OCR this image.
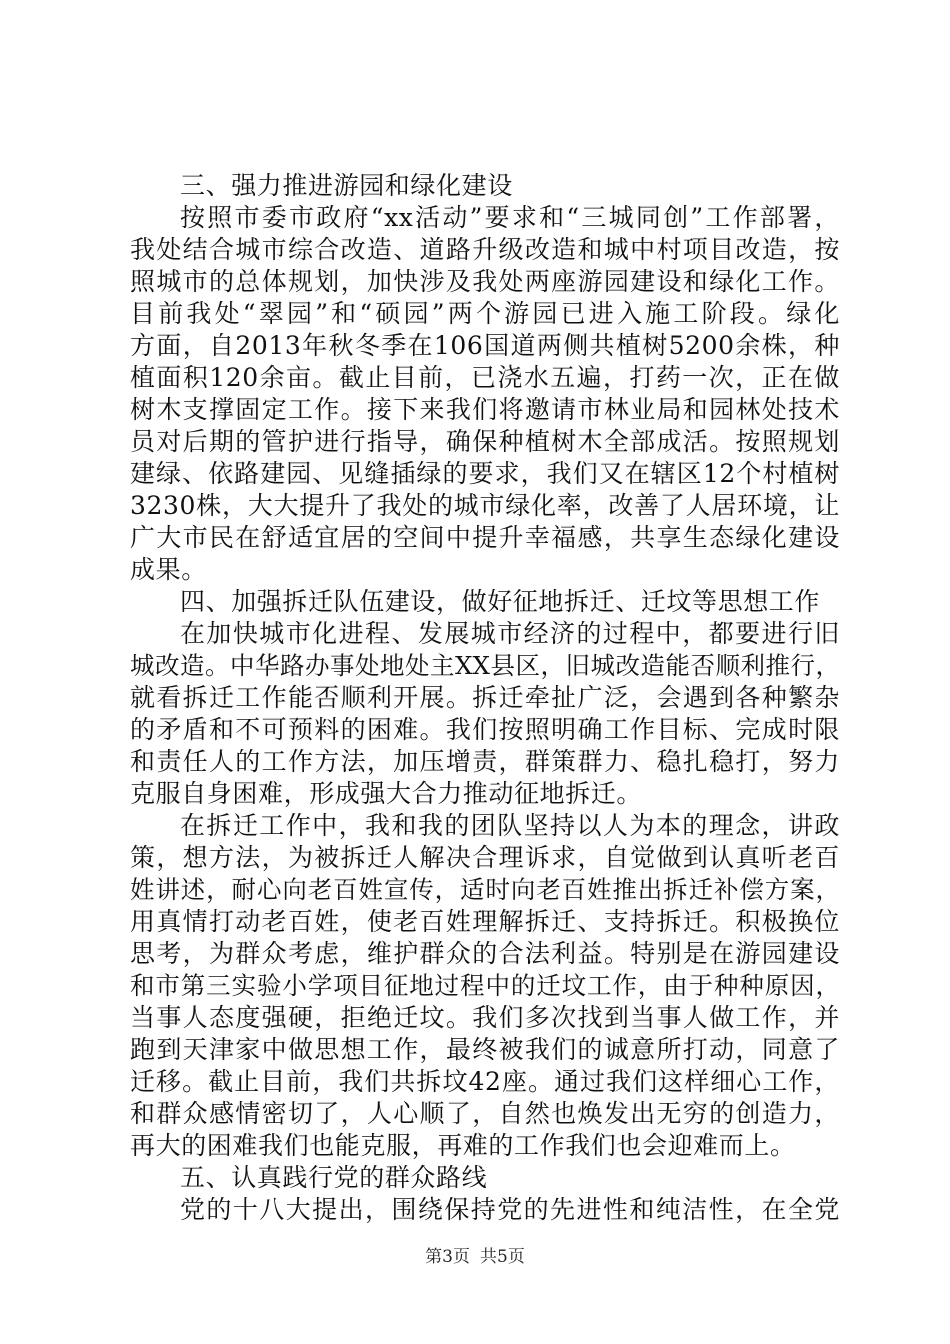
三、强力推进游园和绿化建设
按照市委市政府“xx活动”要求和“三城同创”工作部署，
我处结合城市综合改造、道路升级改造和城中村项目改造，按
照城市的总体规划，加快涉及我处两座游园建设和绿化工作。
目前我处“翠园”和“硕园”两个游园已进入施工阶段。绿化
方面，自2013年秋冬季在106国道两侧共植树5200余株，种
植面积120余亩。截止目前，已浇水五遍，打药一次，正在做
树木支撑固定工作。接下来我们将邀请市林业局和园林处技术
员对后期的管护进行指导，确保种植树木全部成活。按照规划
建绿、依路建园、见缝插绿的要求，我们又在辖区12个村植树
3230株，大大提升了我处的城市绿化率，改善了人居环境，让
广大市民在舒适宜居的空间中提升幸福感，共享生态绿化建设
成果。
四、加强拆迁队伍建设，做好征地拆迁、迁坟等思想工作
在加快城市化进程、发展城市经济的过程中，都要进行旧
城改造。中华路办事处地处主XX县区，旧城改造能否顺利推行，
就看拆迁工作能否顺利开展。拆迁牵扯广泛，会遇到各种繁杂
的矛盾和不可预料的困难。我们按照明确工作目标、完成时限
和责任人的工作方法，加压增责，群策群力、稳扎稳打，努力
克服自身困难，形成强大合力推动征地拆迁。
在拆迁工作中，我和我的团队坚持以人为本的理念，讲政
策，想方法，为被拆迁人解决合理诉求，自觉做到认真听老百
姓讲述，耐心向老百姓宣传，适时向老百姓推出拆迁补偿方案，
用真情打动老百姓，使老百姓理解拆迁、支持拆迁。积极换位
思考，为群众考虑，维护群众的合法利益。特别是在游园建设
和市第三实验小学项目征地过程中的迁坟工作，由于种种原因，
当事人态度强硬，拒绝迁坟。我们多次找到当事人做工作，并
跑到天津家中做思想工作，最终被我们的诚意所打动，同意了
迁移。截止目前，我们共拆坟42座。通过我们这样细心工作，
和群众感情密切了，人心顺了，自然也焕发出无穷的创造力，
再大的困难我们也能克服，再难的工作我们也会迎难而上。
五、认真践行党的群众路线
党的十八大提出，围绕保持党的先进性和纯洁性，在全党
第3页 共5页
